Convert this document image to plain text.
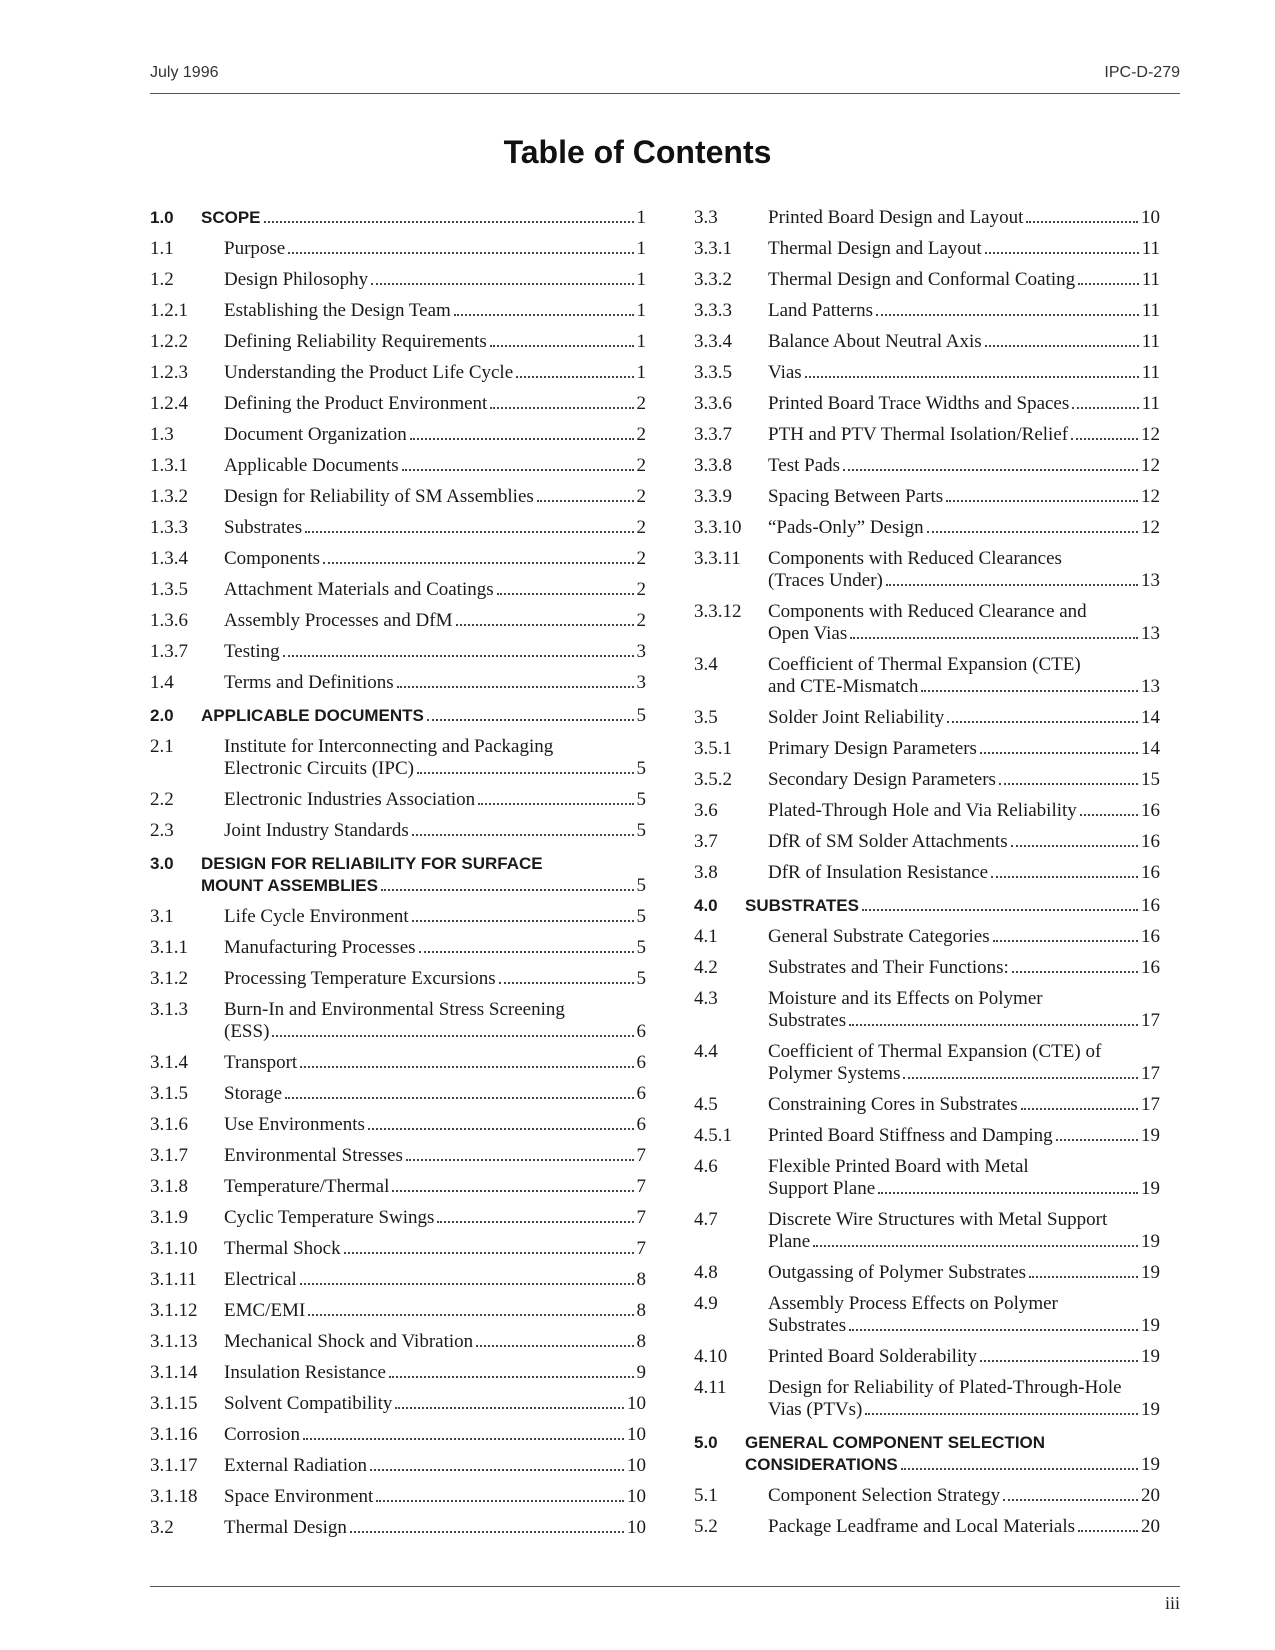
July 1996	IPC-D-279
Table of Contents
1.0	SCOPE	1
1.1	Purpose	1
1.2	Design Philosophy	1
1.2.1	Establishing the Design Team	1
1.2.2	Defining Reliability Requirements	1
1.2.3	Understanding the Product Life Cycle	1
1.2.4	Defining the Product Environment	2
1.3	Document Organization	2
1.3.1	Applicable Documents	2
1.3.2	Design for Reliability of SM Assemblies	2
1.3.3	Substrates	2
1.3.4	Components	2
1.3.5	Attachment Materials and Coatings	2
1.3.6	Assembly Processes and DfM	2
1.3.7	Testing	3
1.4	Terms and Definitions	3
2.0	APPLICABLE DOCUMENTS	5
2.1	Institute for Interconnecting and Packaging
Electronic Circuits (IPC)	5
2.2	Electronic Industries Association	5
2.3	Joint Industry Standards	5
3.0	DESIGN FOR RELIABILITY FOR SURFACE
MOUNT ASSEMBLIES	5
3.1	Life Cycle Environment	5
3.1.1	Manufacturing Processes	5
3.1.2	Processing Temperature Excursions	5
3.1.3	Burn-In and Environmental Stress Screening
(ESS)	6
3.1.4	Transport	6
3.1.5	Storage	6
3.1.6	Use Environments	6
3.1.7	Environmental Stresses	7
3.1.8	Temperature/Thermal	7
3.1.9	Cyclic Temperature Swings	7
3.1.10	Thermal Shock	7
3.1.11	Electrical	8
3.1.12	EMC/EMI	8
3.1.13	Mechanical Shock and Vibration	8
3.1.14	Insulation Resistance	9
3.1.15	Solvent Compatibility	10
3.1.16	Corrosion	10
3.1.17	External Radiation	10
3.1.18	Space Environment	10
3.2	Thermal Design	10
3.3	Printed Board Design and Layout	10
3.3.1	Thermal Design and Layout	11
3.3.2	Thermal Design and Conformal Coating	11
3.3.3	Land Patterns	11
3.3.4	Balance About Neutral Axis	11
3.3.5	Vias	11
3.3.6	Printed Board Trace Widths and Spaces	11
3.3.7	PTH and PTV Thermal Isolation/Relief	12
3.3.8	Test Pads	12
3.3.9	Spacing Between Parts	12
3.3.10	“Pads-Only” Design	12
3.3.11	Components with Reduced Clearances
(Traces Under)	13
3.3.12	Components with Reduced Clearance and
Open Vias	13
3.4	Coefficient of Thermal Expansion (CTE)
and CTE-Mismatch	13
3.5	Solder Joint Reliability	14
3.5.1	Primary Design Parameters	14
3.5.2	Secondary Design Parameters	15
3.6	Plated-Through Hole and Via Reliability	16
3.7	DfR of SM Solder Attachments	16
3.8	DfR of Insulation Resistance	16
4.0	SUBSTRATES	16
4.1	General Substrate Categories	16
4.2	Substrates and Their Functions:	16
4.3	Moisture and its Effects on Polymer
Substrates	17
4.4	Coefficient of Thermal Expansion (CTE) of
Polymer Systems	17
4.5	Constraining Cores in Substrates	17
4.5.1	Printed Board Stiffness and Damping	19
4.6	Flexible Printed Board with Metal
Support Plane	19
4.7	Discrete Wire Structures with Metal Support
Plane	19
4.8	Outgassing of Polymer Substrates	19
4.9	Assembly Process Effects on Polymer
Substrates	19
4.10	Printed Board Solderability	19
4.11	Design for Reliability of Plated-Through-Hole
Vias (PTVs)	19
5.0	GENERAL COMPONENT SELECTION
CONSIDERATIONS	19
5.1	Component Selection Strategy	20
5.2	Package Leadframe and Local Materials	20
iii
